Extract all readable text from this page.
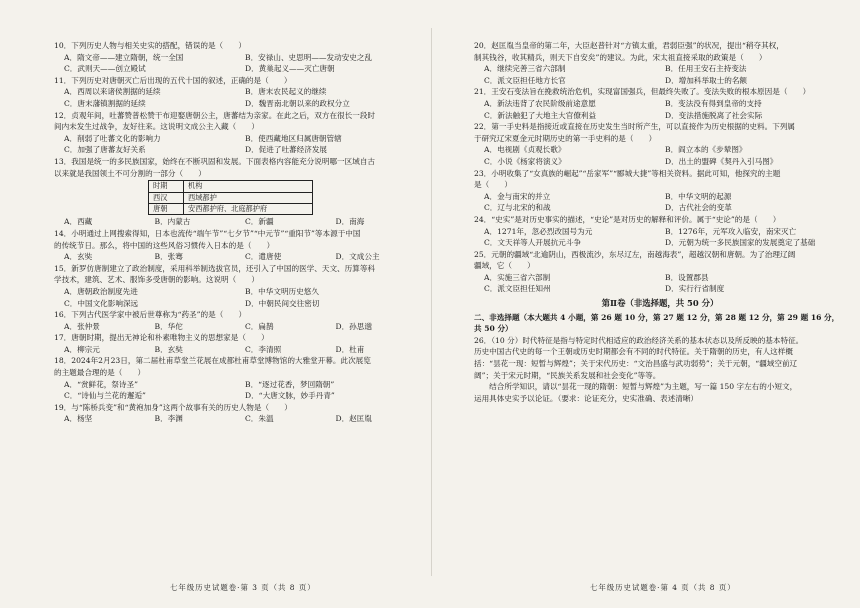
10．下列历史人物与相关史实的搭配，错误的是（　　）
A．隋文帝——建立隋朝，统一全国	B．安禄山、史思明——发动安史之乱
C．武则天——创立殿试	D．黄巢起义——灭亡唐朝
11．下列历史对唐朝灭亡后出现的五代十国的叙述，正确的是（　　）
A．西周以来诸侯割据的延续	B．唐末农民起义的继续
C．唐末藩镇割据的延续	D．魏晋南北朝以来的政权分立
12．贞观年间，吐蕃赞普松赞干布迎娶唐朝公主，唐蕃结为亲家。在此之后，双方在很长一段时
间内未发生过战争，友好往来。这说明文成公主入藏（　　）
A．削弱了吐蕃文化的影响力	B．使西藏地区归属唐朝管辖
C．加强了唐蕃友好关系	D．促进了吐蕃经济发展
13．我国是统一的多民族国家，始终在不断巩固和发展。下面表格内容能充分说明哪一区域自古
以来就是我国领土不可分割的一部分（　　）
时期	机构
西汉	西域都护
唐朝	安西都护府、北庭都护府
A．西藏	B．内蒙古	C．新疆	D．南海
14．小明通过上网搜索得知，日本也流传“端午节”“七夕节”“中元节”“重阳节”等本源于中国
的传统节日。那么，将中国的这些风俗习惯传入日本的是（　　）
A．玄奘	B．张骞	C．遣唐使	D．文成公主
15．新罗仿唐制建立了政治制度，采用科举制选拔官员，还引入了中国的医学、天文、历算等科
学技术，建筑、艺术、服饰多受唐朝的影响。这说明（　　）
A．唐朝政治制度先进	B．中华文明历史悠久
C．中国文化影响深远	D．中朝民间交往密切
16．下列古代医学家中被后世尊称为“药圣”的是（　　）
A．张仲景	B．华佗	C．扁鹊	D．孙思邈
17．唐朝时期，提出无神论和朴素唯物主义的思想家是（　　）
A．柳宗元	B．玄奘	C．李清照	D．杜甫
18．2024年2月23日，第二届杜甫草堂兰花展在成都杜甫草堂博物馆的大雅堂开幕。此次展览
的主题最合理的是（　　）
A．“赏鲜花，祭诗圣”	B．“逐过花香，梦回隋朝”
C．“诗仙与兰花的邂逅”	D．“大唐文脉，妙手丹青”
19．与“陈桥兵变”和“黄袍加身”这两个故事有关的历史人物是（　　）
A．杨坚	B．李渊	C．朱温	D．赵匡胤
20．赵匡胤当皇帝的第二年，大臣赵普针对“方镇太重，君弱臣强”的状况，提出“稍夺其权，
制其钱谷，收其精兵，则天下自安矣”的建议。为此，宋太祖直接采取的政策是（　　）
A．继续完善三省六部制	B．任用王安石主持变法
C．派文臣担任地方长官	D．增加科举取士的名额
21．王安石变法旨在挽救统治危机，实现富国强兵，但最终失败了。变法失败的根本原因是（　　）
A．新法违背了农民阶级前途意愿	B．变法没有得到皇帝的支持
C．新法触犯了大地主大官僚利益	D．变法措施脱离了社会实际
22．第一手史料是指接近或直接在历史发生当时所产生，可以直接作为历史根据的史料。下列属
于研究辽宋夏金元时期历史的第一手史料的是（　　）
A．电视剧《贞观长歌》	B．阎立本的《步辇图》
C．小说《杨家将演义》	D．出土的盟碑《契丹入引马图》
23．小明收集了“女真族的崛起”“岳家军”“郾城大捷”等相关资料。据此可知，他探究的主题
是（　　）
A．金与南宋的并立	B．中华文明的起源
C．辽与北宋的和战	D．古代社会的变革
24．“史实”是对历史事实的描述，“史论”是对历史的解释和评价。属于“史论”的是（　　）
A．1271年，忽必烈改国号为元	B．1276年，元军攻入临安，南宋灭亡
C．文天祥等人开展抗元斗争	D．元朝为统一多民族国家的发展奠定了基础
25．元朝的疆域“北逾阴山，西极流沙，东尽辽左，南越海表”，超越汉朝和唐朝。为了治理辽阔
疆域，它（　　）
A．实施三省六部制	B．设置郡县
C．派文臣担任知州	D．实行行省制度
第Ⅱ卷（非选择题，共 50 分）
二、非选择题（本大题共 4 小题，第 26 题 10 分，第 27 题 12 分，第 28 题 12 分，第 29 题 16 分，
共 50 分）
26．（10 分）时代特征是指与特定时代相适应的政治经济关系的基本状态以及所反映的基本特征。
历史中国古代史的每一个王朝或历史时期都会有不同的时代特征。关于隋朝的历史，有人这样概
括：“昙花一现：短暂与辉煌”；关于宋代历史：“文治昌盛与武功弱势”；关于元朝，“疆域空前辽
阔”；关于宋元时期，“民族关系发展和社会变化”等等。
　　结合所学知识，请以“昙花一现的隋朝：短暂与辉煌”为主题，写一篇 150 字左右的小短文，
运用具体史实予以论证。（要求：论证充分，史实准确、表述清晰）
七年级历史试题卷·第 3 页（共 8 页）	七年级历史试题卷·第 4 页（共 8 页）
